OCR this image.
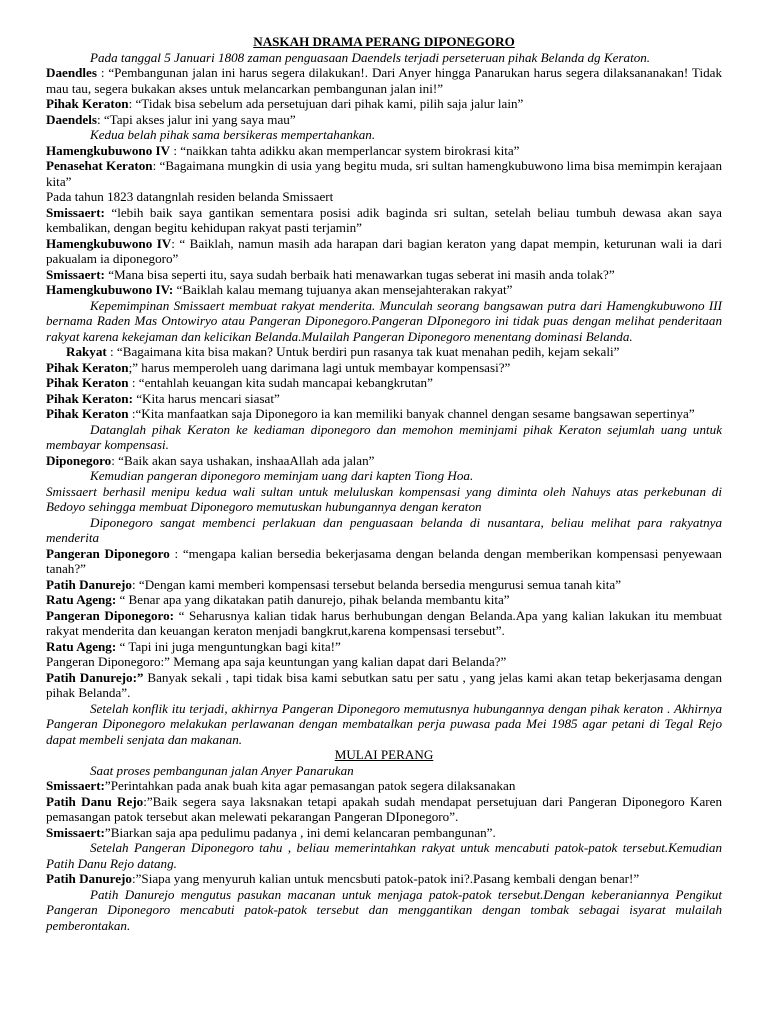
NASKAH DRAMA PERANG DIPONEGORO

Pada tanggal 5 Januari 1808 zaman penguasaan Daendels terjadi perseteruan pihak Belanda dg Keraton.

Daendles : “Pembangunan jalan ini harus segera dilakukan!. Dari Anyer hingga Panarukan harus segera dilaksananakan! Tidak mau tau, segera bukakan akses untuk melancarkan pembangunan jalan ini!”

Pihak Keraton: “Tidak bisa sebelum ada persetujuan dari pihak kami, pilih saja jalur lain”

Daendels: “Tapi akses jalur ini yang saya mau”

Kedua belah pihak sama bersikeras mempertahankan.

Hamengkubuwono IV : “naikkan tahta adikku akan memperlancar system birokrasi kita”

Penasehat Keraton: “Bagaimana mungkin di usia yang begitu muda, sri sultan hamengkubuwono lima bisa memimpin kerajaan kita”

Pada tahun 1823 datangnlah residen belanda Smissaert

Smissaert: “lebih baik saya gantikan sementara posisi adik baginda sri sultan, setelah beliau tumbuh dewasa akan saya kembalikan, dengan begitu kehidupan rakyat pasti terjamin”

Hamengkubuwono IV: “ Baiklah, namun masih ada harapan dari bagian keraton yang dapat mempin, keturunan wali ia dari pakualam ia diponegoro”

Smissaert: “Mana bisa seperti itu, saya sudah berbaik hati menawarkan tugas seberat ini masih anda tolak?”

Hamengkubuwono IV: “Baiklah kalau memang tujuanya akan mensejahterakan rakyat”

Kepemimpinan Smissaert membuat rakyat menderita. Munculah seorang bangsawan putra dari Hamengkubuwono III bernama Raden Mas Ontowiryo atau Pangeran Diponegoro.Pangeran DIponegoro ini tidak puas dengan melihat penderitaan rakyat karena kekejaman dan kelicikan Belanda.Mulailah Pangeran Diponegoro menentang dominasi Belanda.

Rakyat : “Bagaimana kita bisa makan? Untuk berdiri pun rasanya tak kuat menahan pedih, kejam sekali”

Pihak Keraton;” harus memperoleh uang darimana lagi untuk membayar kompensasi?”

Pihak Keraton : “entahlah keuangan kita sudah mancapai kebangkrutan”

Pihak Keraton: “Kita harus mencari siasat”

Pihak Keraton :“Kita manfaatkan saja Diponegoro ia kan memiliki banyak channel dengan sesame bangsawan sepertinya”

Datanglah pihak Keraton ke kediaman diponegoro dan memohon meminjami pihak Keraton sejumlah uang untuk membayar kompensasi.

Diponegoro: “Baik akan saya ushakan, inshaaAllah ada jalan”

Kemudian pangeran diponegoro meminjam uang dari kapten Tiong Hoa.

Smissaert berhasil menipu kedua wali sultan untuk meluluskan kompensasi yang diminta oleh Nahuys atas perkebunan di Bedoyo sehingga membuat Diponegoro memutuskan hubungannya dengan keraton

Diponegoro sangat membenci perlakuan dan penguasaan belanda di nusantara, beliau melihat para rakyatnya menderita

Pangeran Diponegoro : “mengapa kalian bersedia bekerjasama dengan belanda dengan memberikan kompensasi penyewaan tanah?”

Patih Danurejo: “Dengan kami memberi kompensasi tersebut belanda bersedia mengurusi semua tanah kita”

Ratu Ageng: “ Benar apa yang dikatakan patih danurejo, pihak belanda membantu kita”

Pangeran Diponegoro: “ Seharusnya kalian tidak harus berhubungan dengan Belanda.Apa yang kalian lakukan itu membuat rakyat menderita dan keuangan keraton menjadi bangkrut,karena kompensasi tersebut”.

Ratu Ageng: “ Tapi ini juga menguntungkan bagi kita!”

Pangeran Diponegoro:” Memang apa saja keuntungan yang kalian dapat dari Belanda?”

Patih Danurejo:” Banyak sekali , tapi tidak bisa kami sebutkan satu per satu , yang jelas kami akan tetap bekerjasama dengan pihak Belanda”.

Setelah konflik itu terjadi, akhirnya Pangeran Diponegoro memutusnya hubungannya dengan pihak keraton . Akhirnya Pangeran Diponegoro melakukan perlawanan dengan membatalkan perja puwasa pada Mei 1985 agar petani di Tegal Rejo dapat membeli senjata dan makanan.

MULAI PERANG

Saat proses pembangunan jalan Anyer Panarukan

Smissaert:”Perintahkan pada anak buah kita agar pemasangan patok segera dilaksanakan

Patih Danu Rejo:”Baik segera saya laksnakan tetapi apakah sudah mendapat persetujuan dari Pangeran Diponegoro Karen pemasangan patok tersebut akan melewati pekarangan Pangeran DIponegoro”.

Smissaert:”Biarkan saja apa pedulimu padanya , ini demi kelancaran pembangunan”.

Setelah Pangeran Diponegoro tahu , beliau memerintahkan rakyat untuk mencabuti patok-patok tersebut.Kemudian Patih Danu Rejo datang.

Patih Danurejo:”Siapa yang menyuruh kalian untuk mencsbuti patok-patok ini?.Pasang kembali dengan benar!”

Patih Danurejo mengutus pasukan macanan untuk menjaga patok-patok tersebut.Dengan keberaniannya Pengikut Pangeran Diponegoro mencabuti patok-patok tersebut dan menggantikan dengan tombak sebagai isyarat mulailah pemberontakan.
